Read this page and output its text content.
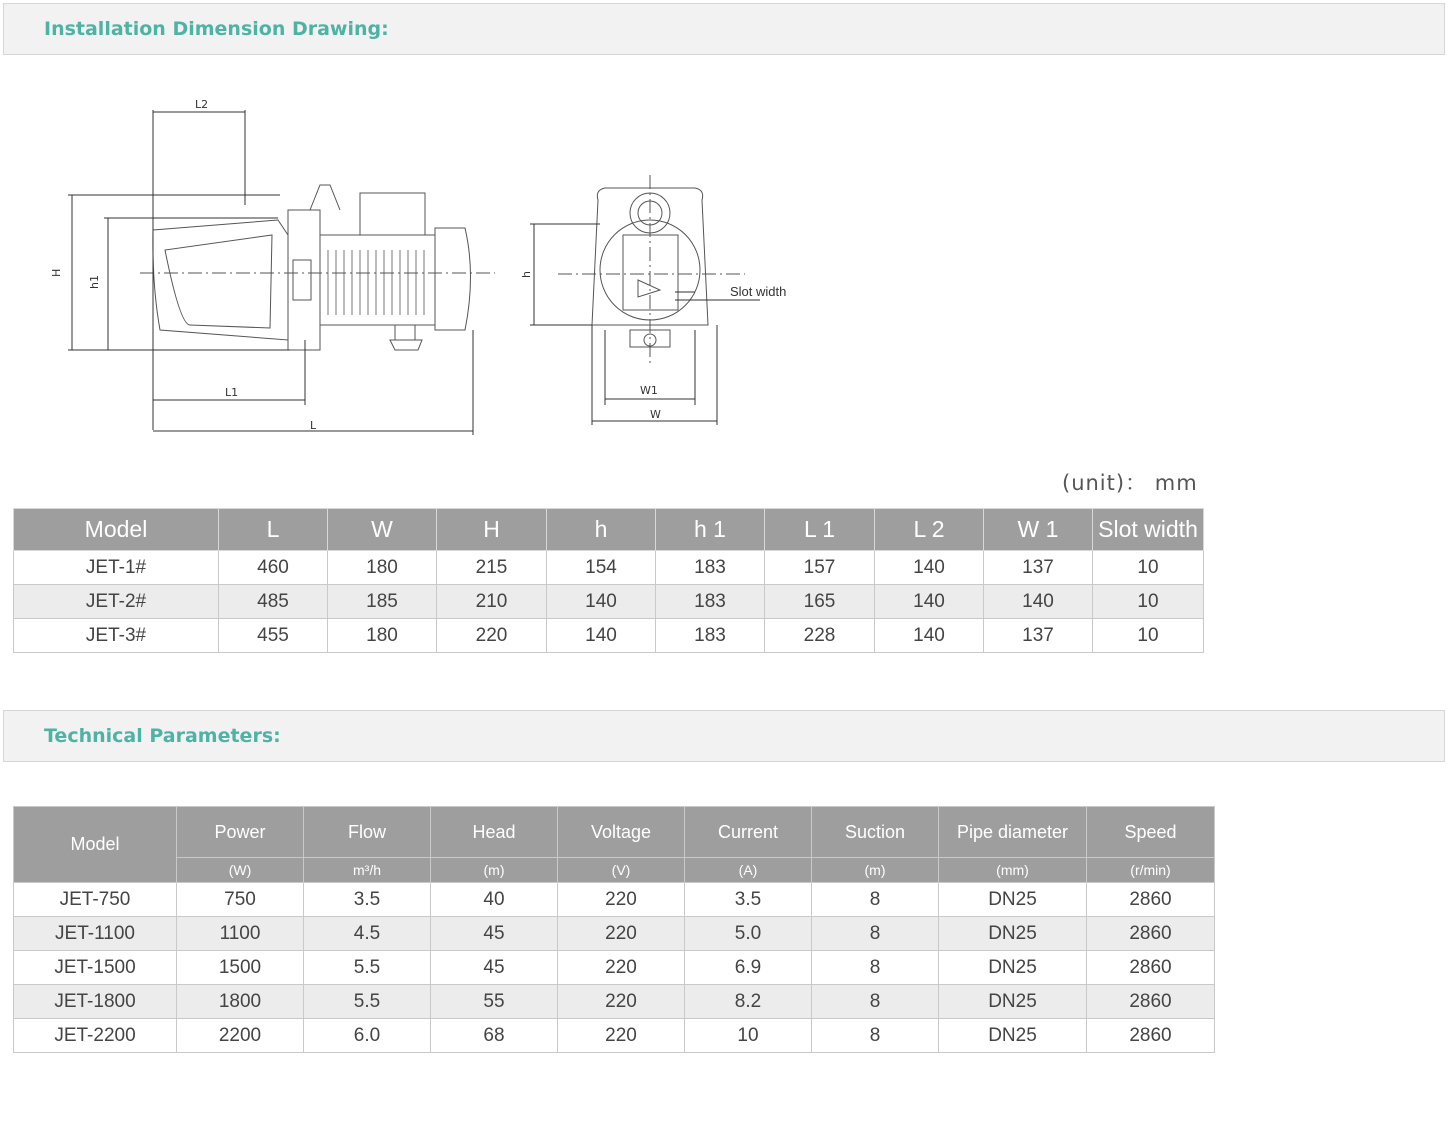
Installation Dimension Drawing:
L2
H
h1
L1
L
h
Slot width
W1
W
(unit)： mm
Model	L	W	H	h	h 1	L 1	L 2	W 1	Slot width
JET-1#	460	180	215	154	183	157	140	137	10
JET-2#	485	185	210	140	183	165	140	140	10
JET-3#	455	180	220	140	183	228	140	137	10
Technical Parameters:
Model	Power	Flow	Head	Voltage	Current	Suction	Pipe diameter	Speed
	(W)	m³/h	(m)	(V)	(A)	(m)	(mm)	(r/min)
JET-750	750	3.5	40	220	3.5	8	DN25	2860
JET-1100	1100	4.5	45	220	5.0	8	DN25	2860
JET-1500	1500	5.5	45	220	6.9	8	DN25	2860
JET-1800	1800	5.5	55	220	8.2	8	DN25	2860
JET-2200	2200	6.0	68	220	10	8	DN25	2860
